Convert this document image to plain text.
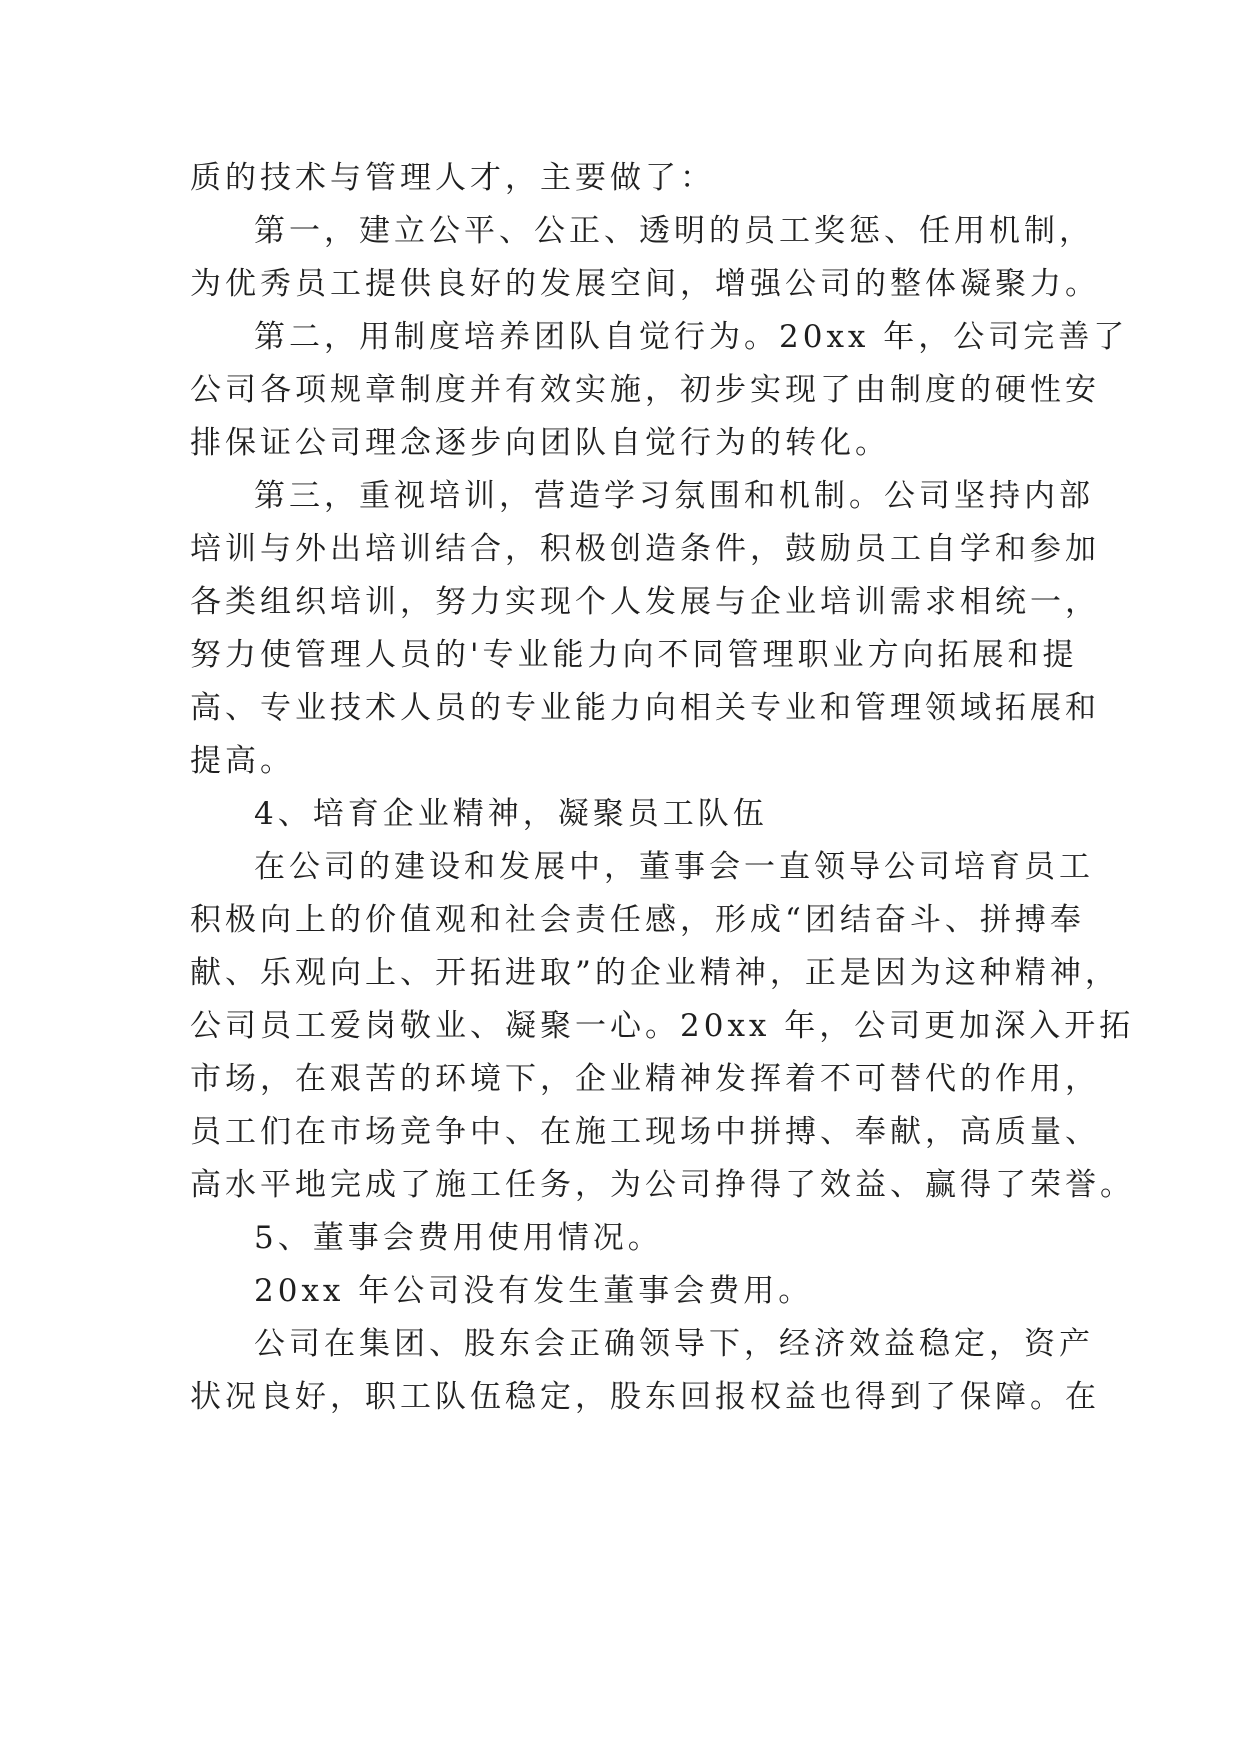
质的技术与管理人才，主要做了：
第一，建立公平、公正、透明的员工奖惩、任用机制，
为优秀员工提供良好的发展空间，增强公司的整体凝聚力。
第二，用制度培养团队自觉行为。20xx 年，公司完善了
公司各项规章制度并有效实施，初步实现了由制度的硬性安
排保证公司理念逐步向团队自觉行为的转化。
第三，重视培训，营造学习氛围和机制。公司坚持内部
培训与外出培训结合，积极创造条件，鼓励员工自学和参加
各类组织培训，努力实现个人发展与企业培训需求相统一，
努力使管理人员的'专业能力向不同管理职业方向拓展和提
高、专业技术人员的专业能力向相关专业和管理领域拓展和
提高。
4、培育企业精神，凝聚员工队伍
在公司的建设和发展中，董事会一直领导公司培育员工
积极向上的价值观和社会责任感，形成“团结奋斗、拼搏奉
献、乐观向上、开拓进取”的企业精神，正是因为这种精神，
公司员工爱岗敬业、凝聚一心。20xx 年，公司更加深入开拓
市场，在艰苦的环境下，企业精神发挥着不可替代的作用，
员工们在市场竞争中、在施工现场中拼搏、奉献，高质量、
高水平地完成了施工任务，为公司挣得了效益、赢得了荣誉。
5、董事会费用使用情况。
20xx 年公司没有发生董事会费用。
公司在集团、股东会正确领导下，经济效益稳定，资产
状况良好，职工队伍稳定，股东回报权益也得到了保障。在
